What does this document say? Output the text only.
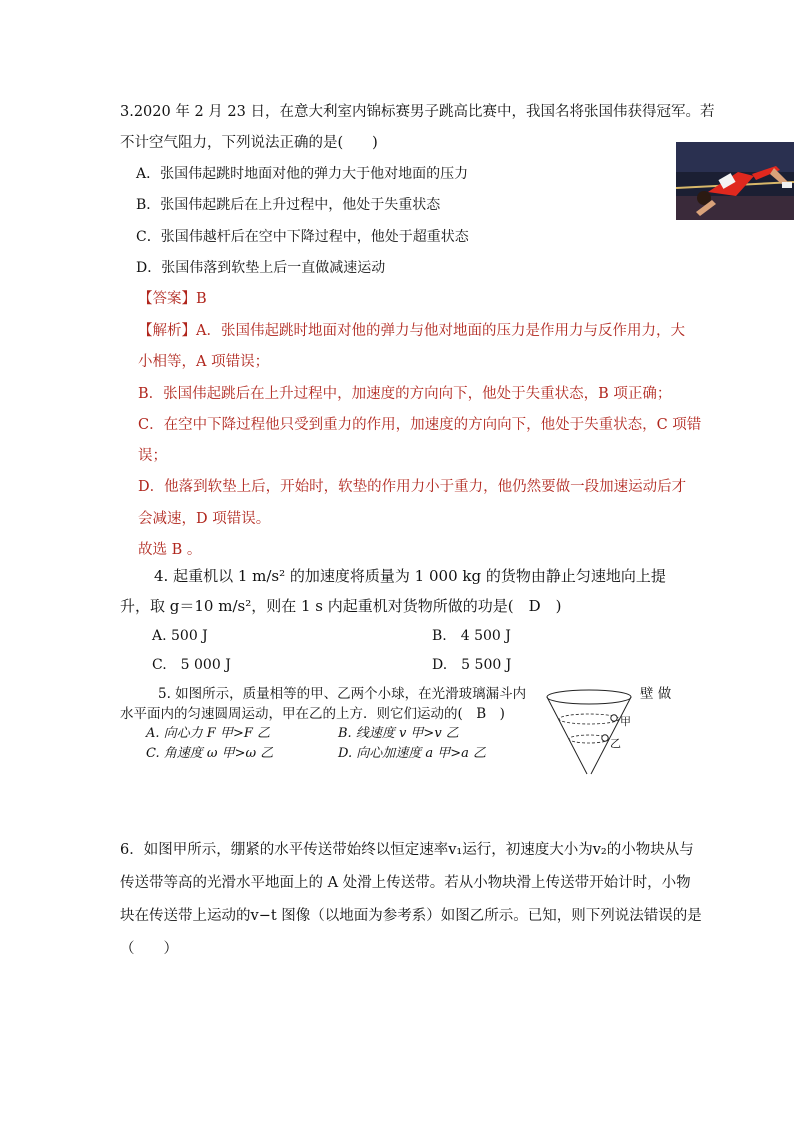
3.2020 年 2 月 23 日，在意大利室内锦标赛男子跳高比赛中，我国名将张国伟获得冠军。若
不计空气阻力，下列说法正确的是(　　)
A．张国伟起跳时地面对他的弹力大于他对地面的压力
B．张国伟起跳后在上升过程中，他处于失重状态
C．张国伟越杆后在空中下降过程中，他处于超重状态
D．张国伟落到软垫上后一直做减速运动
【答案】B
【解析】A．张国伟起跳时地面对他的弹力与他对地面的压力是作用力与反作用力，大
小相等，A 项错误；
B．张国伟起跳后在上升过程中，加速度的方向向下，他处于失重状态，B 项正确；
C．在空中下降过程他只受到重力的作用，加速度的方向向下，他处于失重状态，C 项错
误；
D．他落到软垫上后，开始时，软垫的作用力小于重力，他仍然要做一段加速运动后才
会减速，D 项错误。
故选 B 。
4. 起重机以 1 m/s² 的加速度将质量为 1 000 kg 的货物由静止匀速地向上提
升，取 g＝10 m/s²，则在 1 s 内起重机对货物所做的功是(　D　)
A. 500 J	B.　4 500 J
C.　5 000 J	D.　5 500 J
5. 如图所示，质量相等的甲、乙两个小球，在光滑玻璃漏斗内	壁 做
水平面内的匀速圆周运动，甲在乙的上方．则它们运动的(　B　)
A. 向心力 F 甲>F 乙	B. 线速度 v 甲>v 乙
C. 角速度 ω 甲>ω 乙	D. 向心加速度 a 甲>a 乙
甲
乙
6．如图甲所示，绷紧的水平传送带始终以恒定速率v₁运行，初速度大小为v₂的小物块从与
传送带等高的光滑水平地面上的 A 处滑上传送带。若从小物块滑上传送带开始计时，小物
块在传送带上运动的v−t 图像（以地面为参考系）如图乙所示。已知，则下列说法错误的是
（　　）
